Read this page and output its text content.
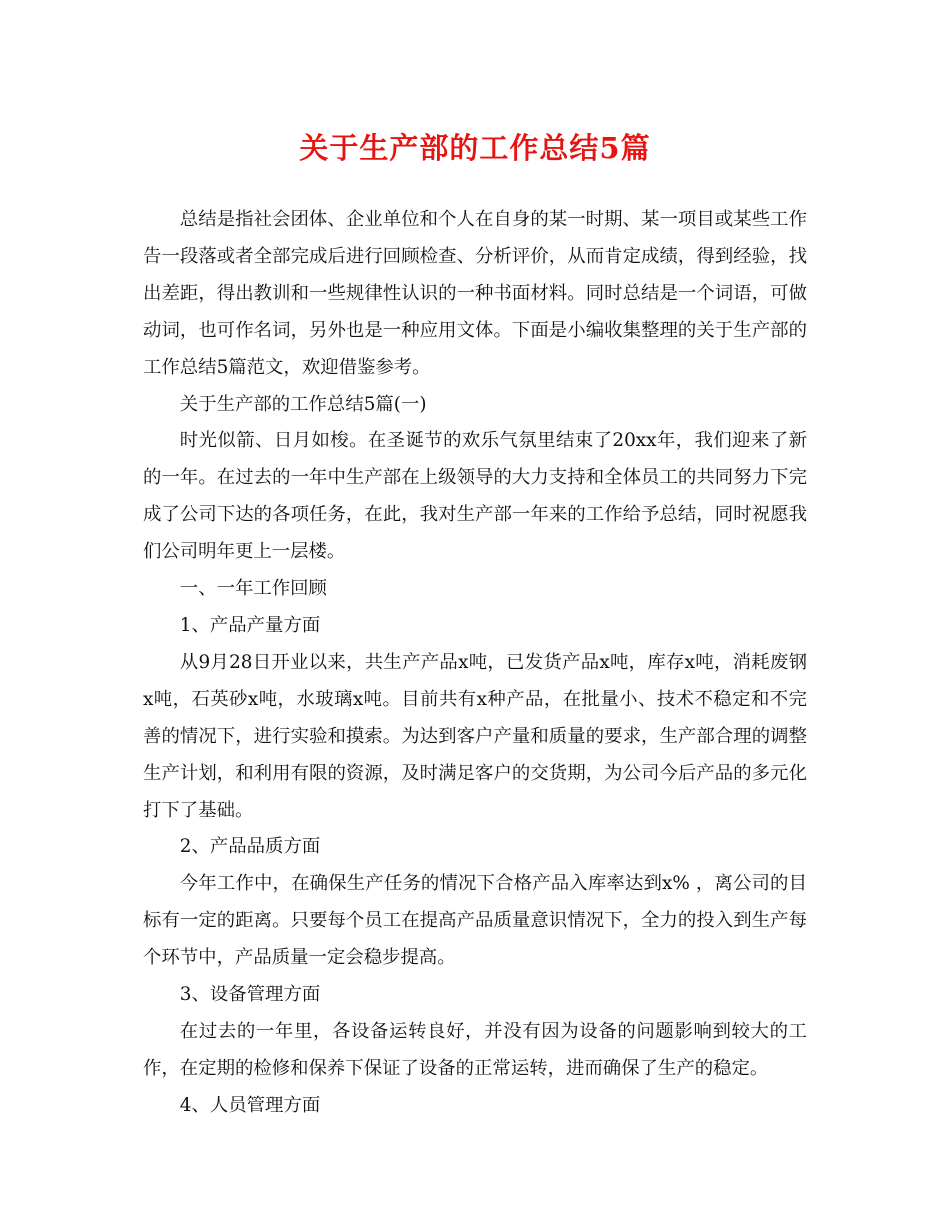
关于生产部的工作总结5篇

总结是指社会团体、企业单位和个人在自身的某一时期、某一项目或某些工作告一段落或者全部完成后进行回顾检查、分析评价，从而肯定成绩，得到经验，找出差距，得出教训和一些规律性认识的一种书面材料。同时总结是一个词语，可做动词，也可作名词，另外也是一种应用文体。下面是小编收集整理的关于生产部的工作总结5篇范文，欢迎借鉴参考。

关于生产部的工作总结5篇(一)

时光似箭、日月如梭。在圣诞节的欢乐气氛里结束了20xx年，我们迎来了新的一年。在过去的一年中生产部在上级领导的大力支持和全体员工的共同努力下完成了公司下达的各项任务，在此，我对生产部一年来的工作给予总结，同时祝愿我们公司明年更上一层楼。

一、一年工作回顾

1、产品产量方面

从9月28日开业以来，共生产产品x吨，已发货产品x吨，库存x吨，消耗废钢x吨，石英砂x吨，水玻璃x吨。目前共有x种产品，在批量小、技术不稳定和不完善的情况下，进行实验和摸索。为达到客户产量和质量的要求，生产部合理的调整生产计划，和利用有限的资源，及时满足客户的交货期，为公司今后产品的多元化打下了基础。

2、产品品质方面

今年工作中，在确保生产任务的情况下合格产品入库率达到x% ，离公司的目标有一定的距离。只要每个员工在提高产品质量意识情况下，全力的投入到生产每个环节中，产品质量一定会稳步提高。

3、设备管理方面

在过去的一年里，各设备运转良好，并没有因为设备的问题影响到较大的工作，在定期的检修和保养下保证了设备的正常运转，进而确保了生产的稳定。

4、人员管理方面
